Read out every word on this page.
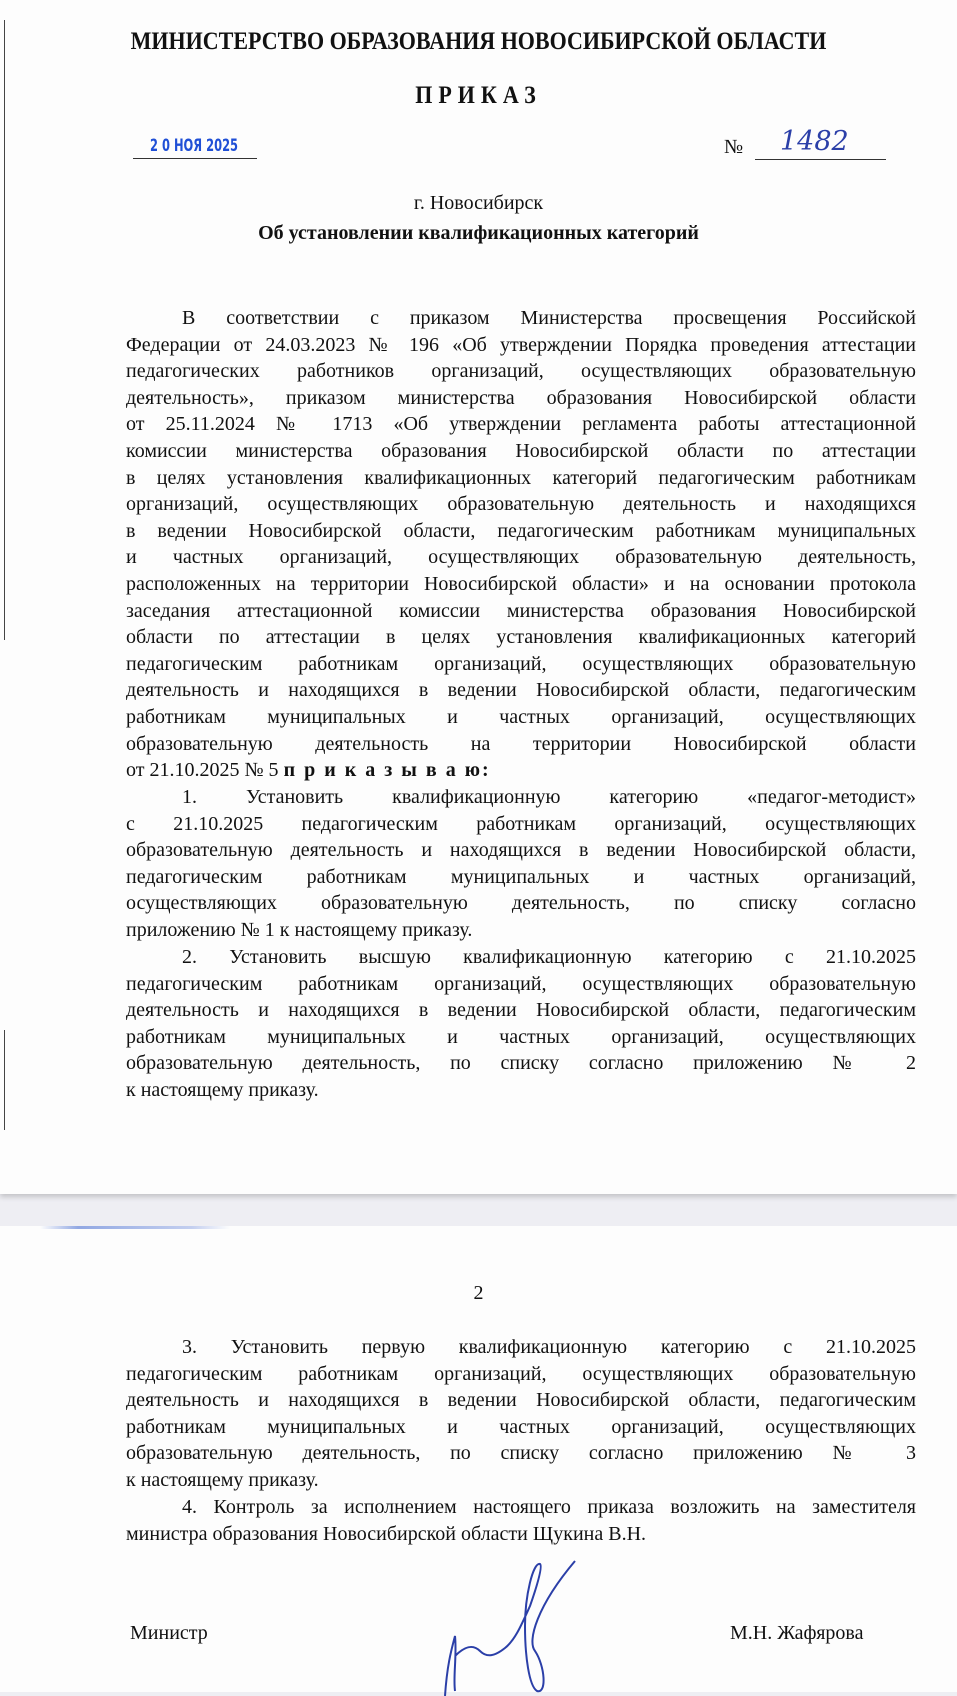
МИНИСТЕРСТВО ОБРАЗОВАНИЯ НОВОСИБИРСКОЙ ОБЛАСТИ
ПРИКАЗ
2 0 НОЯ 2025	№ 1482
г. Новосибирск
Об установлении квалификационных категорий
В соответствии с приказом Министерства просвещения Российской
Федерации от 24.03.2023 № 196 «Об утверждении Порядка проведения аттестации
педагогических работников организаций, осуществляющих образовательную
деятельность», приказом министерства образования Новосибирской области
от 25.11.2024 № 1713 «Об утверждении регламента работы аттестационной
комиссии министерства образования Новосибирской области по аттестации
в целях установления квалификационных категорий педагогическим работникам
организаций, осуществляющих образовательную деятельность и находящихся
в ведении Новосибирской области, педагогическим работникам муниципальных
и частных организаций, осуществляющих образовательную деятельность,
расположенных на территории Новосибирской области» и на основании протокола
заседания аттестационной комиссии министерства образования Новосибирской
области по аттестации в целях установления квалификационных категорий
педагогическим работникам организаций, осуществляющих образовательную
деятельность и находящихся в ведении Новосибирской области, педагогическим
работникам муниципальных и частных организаций, осуществляющих
образовательную деятельность на территории Новосибирской области
от 21.10.2025 № 5 п р и к а з ы в а ю:
1. Установить квалификационную категорию «педагог-методист»
с 21.10.2025 педагогическим работникам организаций, осуществляющих
образовательную деятельность и находящихся в ведении Новосибирской области,
педагогическим работникам муниципальных и частных организаций,
осуществляющих образовательную деятельность, по списку согласно
приложению № 1 к настоящему приказу.
2. Установить высшую квалификационную категорию с 21.10.2025
педагогическим работникам организаций, осуществляющих образовательную
деятельность и находящихся в ведении Новосибирской области, педагогическим
работникам муниципальных и частных организаций, осуществляющих
образовательную деятельность, по списку согласно приложению № 2
к настоящему приказу.
2
3. Установить первую квалификационную категорию с 21.10.2025
педагогическим работникам организаций, осуществляющих образовательную
деятельность и находящихся в ведении Новосибирской области, педагогическим
работникам муниципальных и частных организаций, осуществляющих
образовательную деятельность, по списку согласно приложению № 3
к настоящему приказу.
4. Контроль за исполнением настоящего приказа возложить на заместителя
министра образования Новосибирской области Щукина В.Н.
Министр	М.Н. Жафярова
